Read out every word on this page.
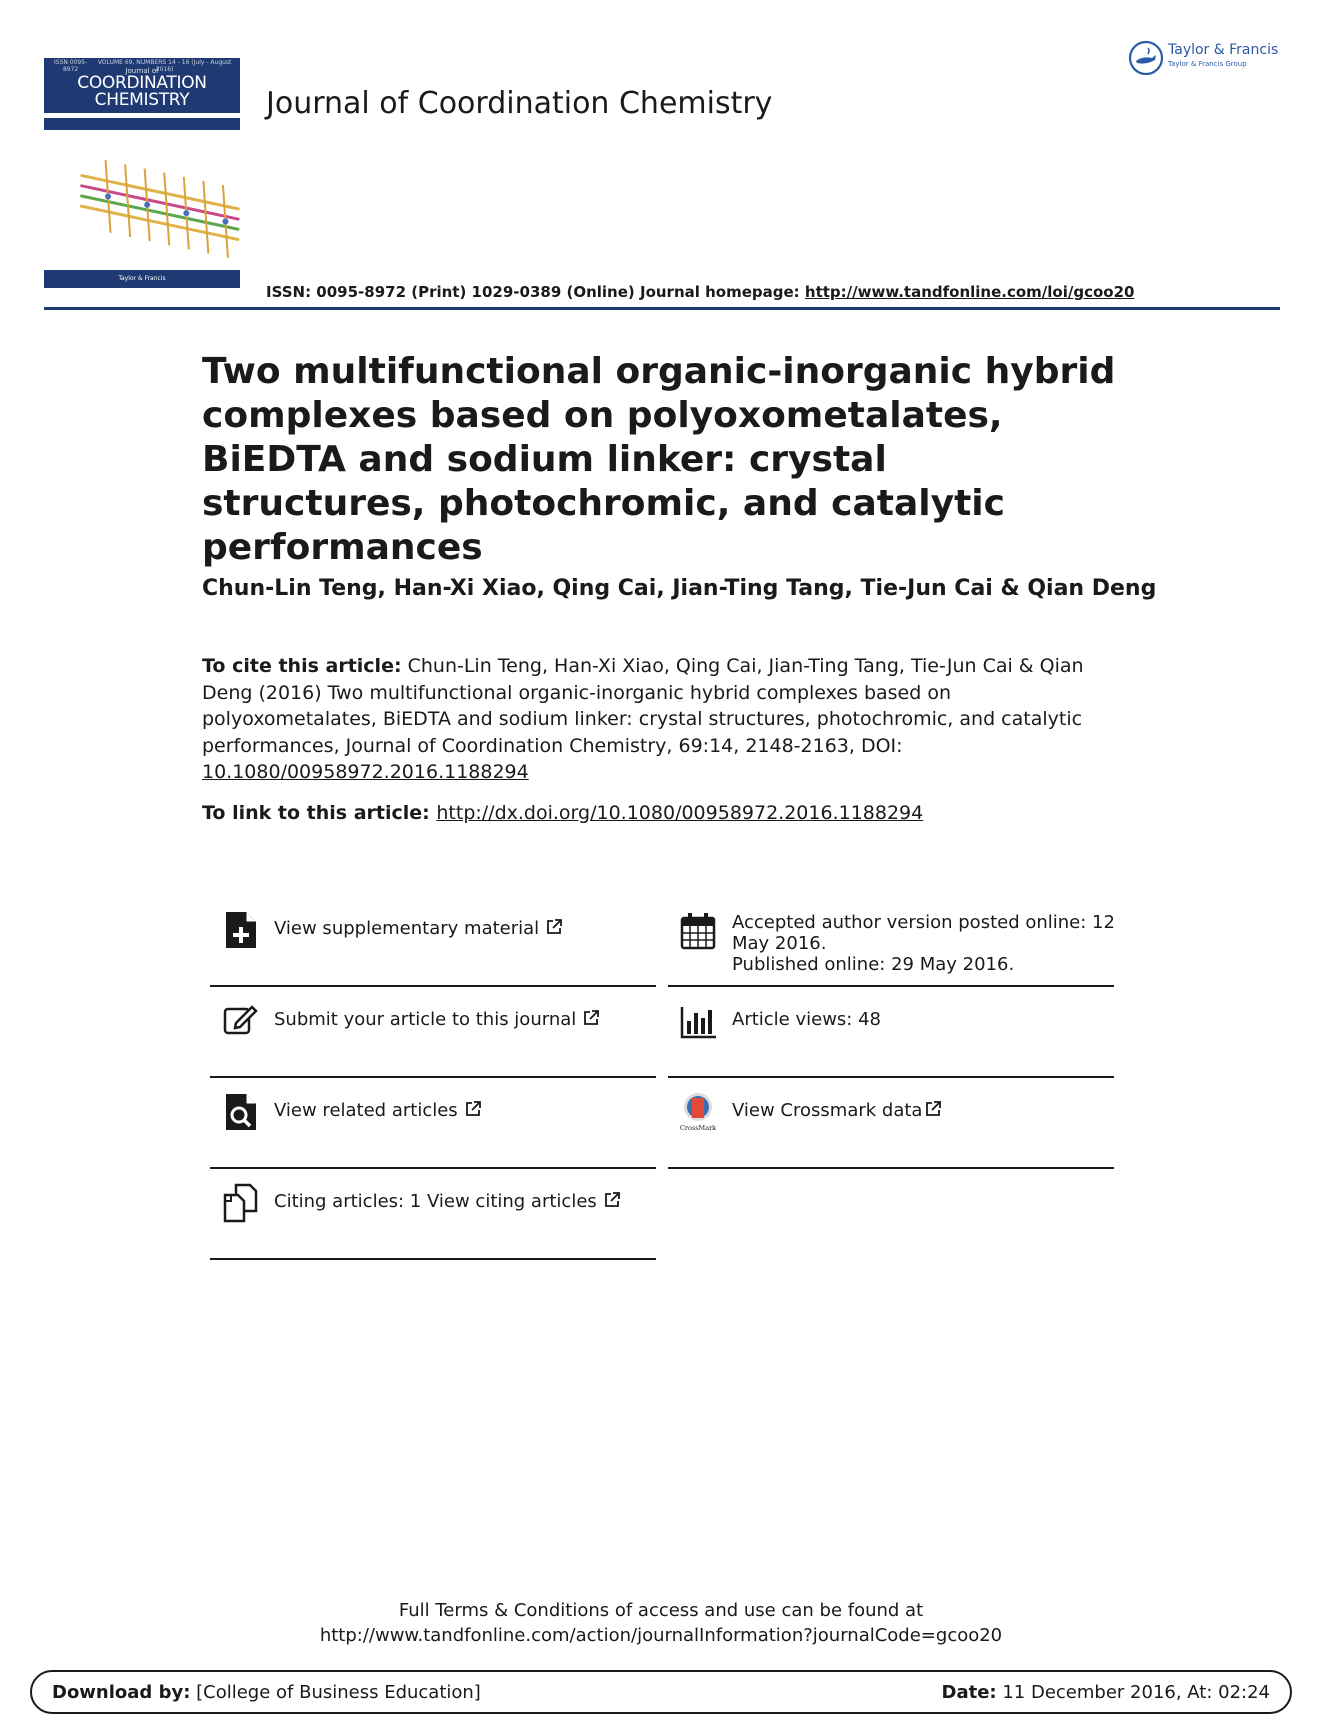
ISSN 0095-8972
VOLUME 69, NUMBERS 14 - 16 (July - August 2016)
Journal of
COORDINATION
CHEMISTRY
Taylor & Francis
Journal of Coordination Chemistry
Taylor & Francis
Taylor & Francis Group
ISSN: 0095-8972 (Print) 1029-0389 (Online) Journal homepage: http://www.tandfonline.com/loi/gcoo20
Two multifunctional organic-inorganic hybrid complexes based on polyoxometalates, BiEDTA and sodium linker: crystal structures, photochromic, and catalytic performances
Chun-Lin Teng, Han-Xi Xiao, Qing Cai, Jian-Ting Tang, Tie-Jun Cai & Qian Deng
To cite this article: Chun-Lin Teng, Han-Xi Xiao, Qing Cai, Jian-Ting Tang, Tie-Jun Cai & Qian Deng (2016) Two multifunctional organic-inorganic hybrid complexes based on polyoxometalates, BiEDTA and sodium linker: crystal structures, photochromic, and catalytic performances, Journal of Coordination Chemistry, 69:14, 2148-2163, DOI: 10.1080/00958972.2016.1188294
To link to this article: http://dx.doi.org/10.1080/00958972.2016.1188294
View supplementary material
Submit your article to this journal
View related articles
Citing articles: 1 View citing articles
Accepted author version posted online: 12
May 2016.
Published online: 29 May 2016.
Article views: 48
CrossMark
View Crossmark data
Full Terms & Conditions of access and use can be found at
http://www.tandfonline.com/action/journalInformation?journalCode=gcoo20
Download by: [College of Business Education]	Date: 11 December 2016, At: 02:24
